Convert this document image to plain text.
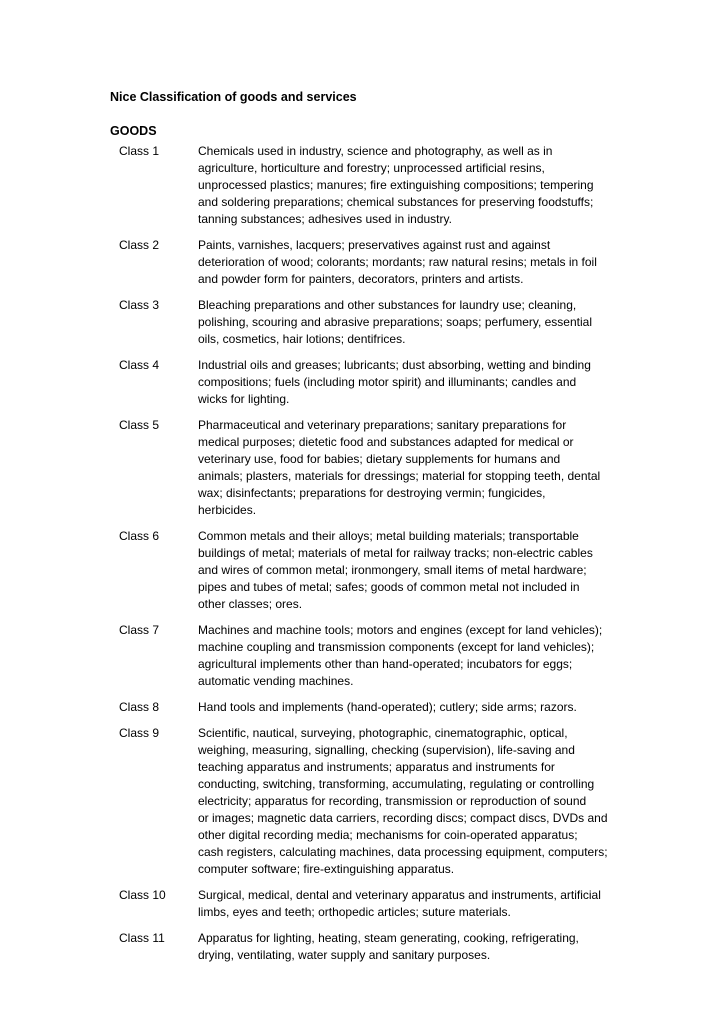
Nice Classification of goods and services
GOODS
Class 1	Chemicals used in industry, science and photography, as well as in
agriculture, horticulture and forestry; unprocessed artificial resins,
unprocessed plastics; manures; fire extinguishing compositions; tempering
and soldering preparations; chemical substances for preserving foodstuffs;
tanning substances; adhesives used in industry.
Class 2	Paints, varnishes, lacquers; preservatives against rust and against
deterioration of wood; colorants; mordants; raw natural resins; metals in foil
and powder form for painters, decorators, printers and artists.
Class 3	Bleaching preparations and other substances for laundry use; cleaning,
polishing, scouring and abrasive preparations; soaps; perfumery, essential
oils, cosmetics, hair lotions; dentifrices.
Class 4	Industrial oils and greases; lubricants; dust absorbing, wetting and binding
compositions; fuels (including motor spirit) and illuminants; candles and
wicks for lighting.
Class 5	Pharmaceutical and veterinary preparations; sanitary preparations for
medical purposes; dietetic food and substances adapted for medical or
veterinary use, food for babies; dietary supplements for humans and
animals; plasters, materials for dressings; material for stopping teeth, dental
wax; disinfectants; preparations for destroying vermin; fungicides,
herbicides.
Class 6	Common metals and their alloys; metal building materials; transportable
buildings of metal; materials of metal for railway tracks; non-electric cables
and wires of common metal; ironmongery, small items of metal hardware;
pipes and tubes of metal; safes; goods of common metal not included in
other classes; ores.
Class 7	Machines and machine tools; motors and engines (except for land vehicles);
machine coupling and transmission components (except for land vehicles);
agricultural implements other than hand-operated; incubators for eggs;
automatic vending machines.
Class 8	Hand tools and implements (hand-operated); cutlery; side arms; razors.
Class 9	Scientific, nautical, surveying, photographic, cinematographic, optical,
weighing, measuring, signalling, checking (supervision), life-saving and
teaching apparatus and instruments; apparatus and instruments for
conducting, switching, transforming, accumulating, regulating or controlling
electricity; apparatus for recording, transmission or reproduction of sound
or images; magnetic data carriers, recording discs; compact discs, DVDs and
other digital recording media; mechanisms for coin-operated apparatus;
cash registers, calculating machines, data processing equipment, computers;
computer software; fire-extinguishing apparatus.
Class 10	Surgical, medical, dental and veterinary apparatus and instruments, artificial
limbs, eyes and teeth; orthopedic articles; suture materials.
Class 11	Apparatus for lighting, heating, steam generating, cooking, refrigerating,
drying, ventilating, water supply and sanitary purposes.
